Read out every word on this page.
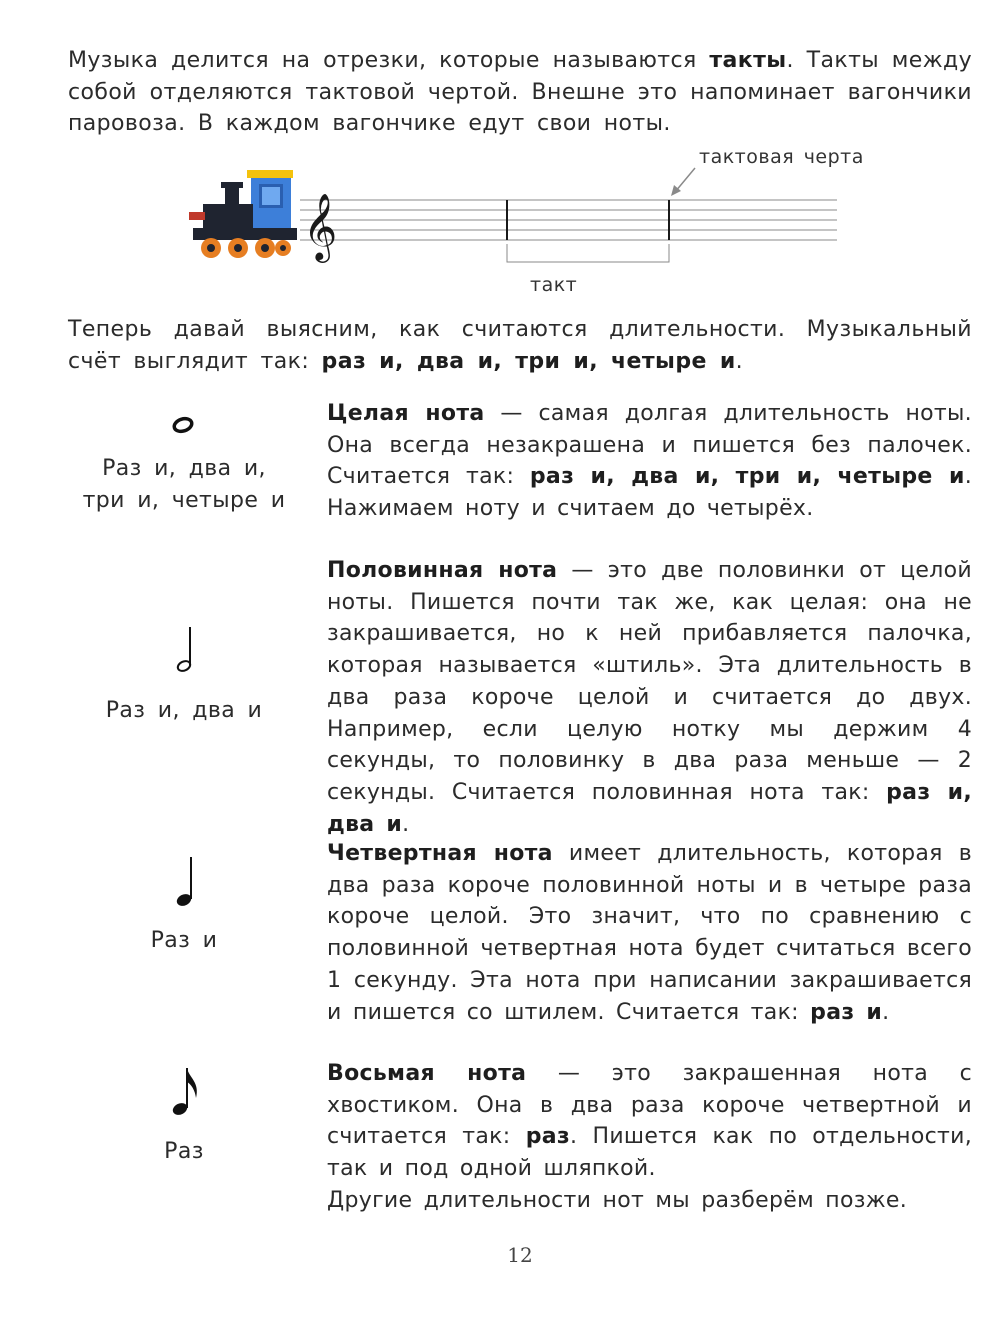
Музыка делится на отрезки, которые называются такты. Такты между собой отделяются тактовой чертой. Внешне это напоминает вагончики паровоза. В каждом вагончике едут свои ноты.

𝄞
тактовая черта
такт

Теперь давай выясним, как считаются длительности. Музыкальный счёт выглядит так: раз и, два и, три и, четыре и.

Раз и, два и,
три и, четыре и

Целая нота — самая долгая длительность ноты. Она всегда незакрашена и пишется без палочек. Считается так: раз и, два и, три и, четыре и. Нажимаем ноту и считаем до четырёх.

Раз и, два и

Половинная нота — это две половинки от целой ноты. Пишется почти так же, как целая: она не закрашивается, но к ней прибавляется палочка, которая называется «штиль». Эта длительность в два раза короче целой и считается до двух. Например, если целую нотку мы держим 4 секунды, то половинку в два раза меньше — 2 секунды. Считается половинная нота так: раз и, два и.

Раз и

Четвертная нота имеет длительность, которая в два раза короче половинной ноты и в четыре раза короче целой. Это значит, что по сравнению с половинной четвертная нота будет считаться всего 1 секунду. Эта нота при написании закрашивается и пишется со штилем. Считается так: раз и.

Раз

Восьмая нота — это закрашенная нота с хвостиком. Она в два раза короче четвертной и считается так: раз. Пишется как по отдельности, так и под одной шляпкой.

Другие длительности нот мы разберём позже.

12
